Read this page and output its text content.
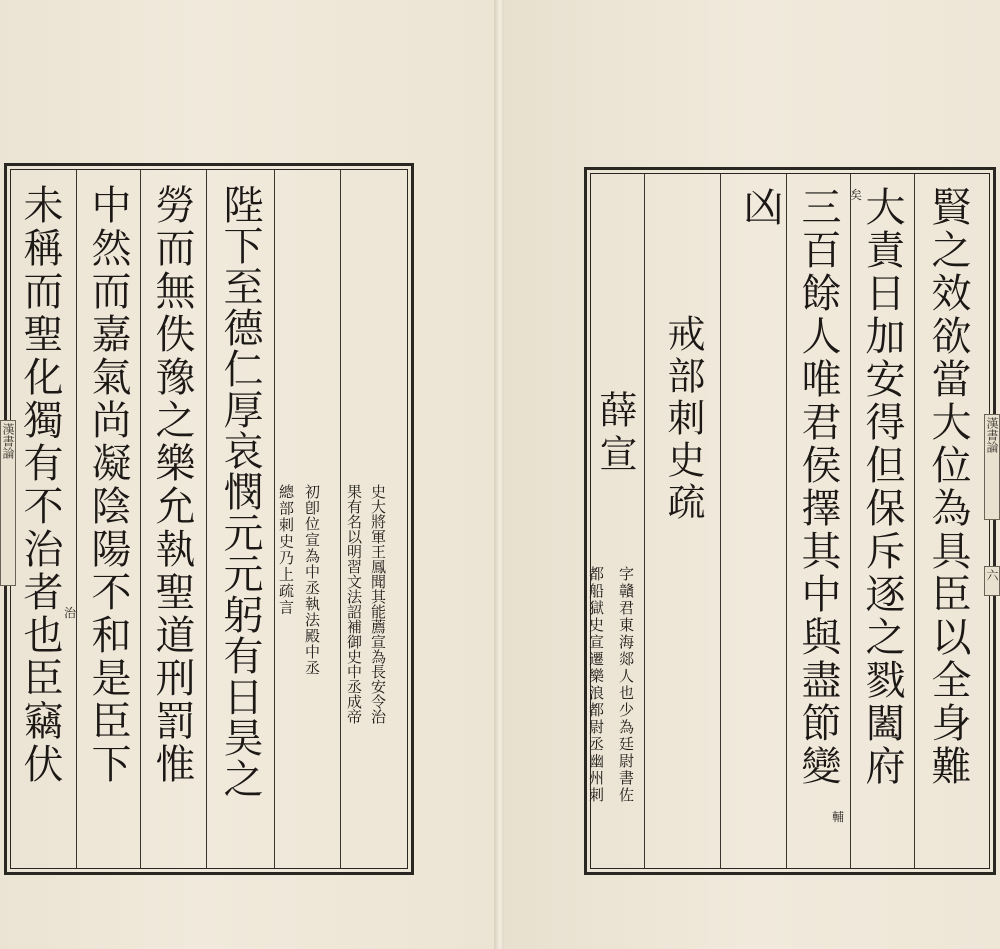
未稱而聖化獨有不治者也臣竊伏 中然而嘉氣尚凝陰陽不和是臣下 勞而無佚豫之樂允執聖道刑罰惟 陛下至德仁厚哀憫元元躬有日昊之 總部刺史乃上疏言 初卽位宣為中丞執法殿中丞 果有名以明習文法詔補御史中丞成帝 史大將軍王鳳聞其能薦宣為長安令治
治
漢書論
都船獄史宣遷樂浪都尉丞幽州刺 字贛君東海郯人也少為廷尉書佐
薛宣 戒部刺史疏
凶 三百餘人唯君侯擇其中與盡節變 大責日加安得但保斥逐之戮闔府 賢之效欲當大位為具臣以全身難
矣
輔
漢書論
六
